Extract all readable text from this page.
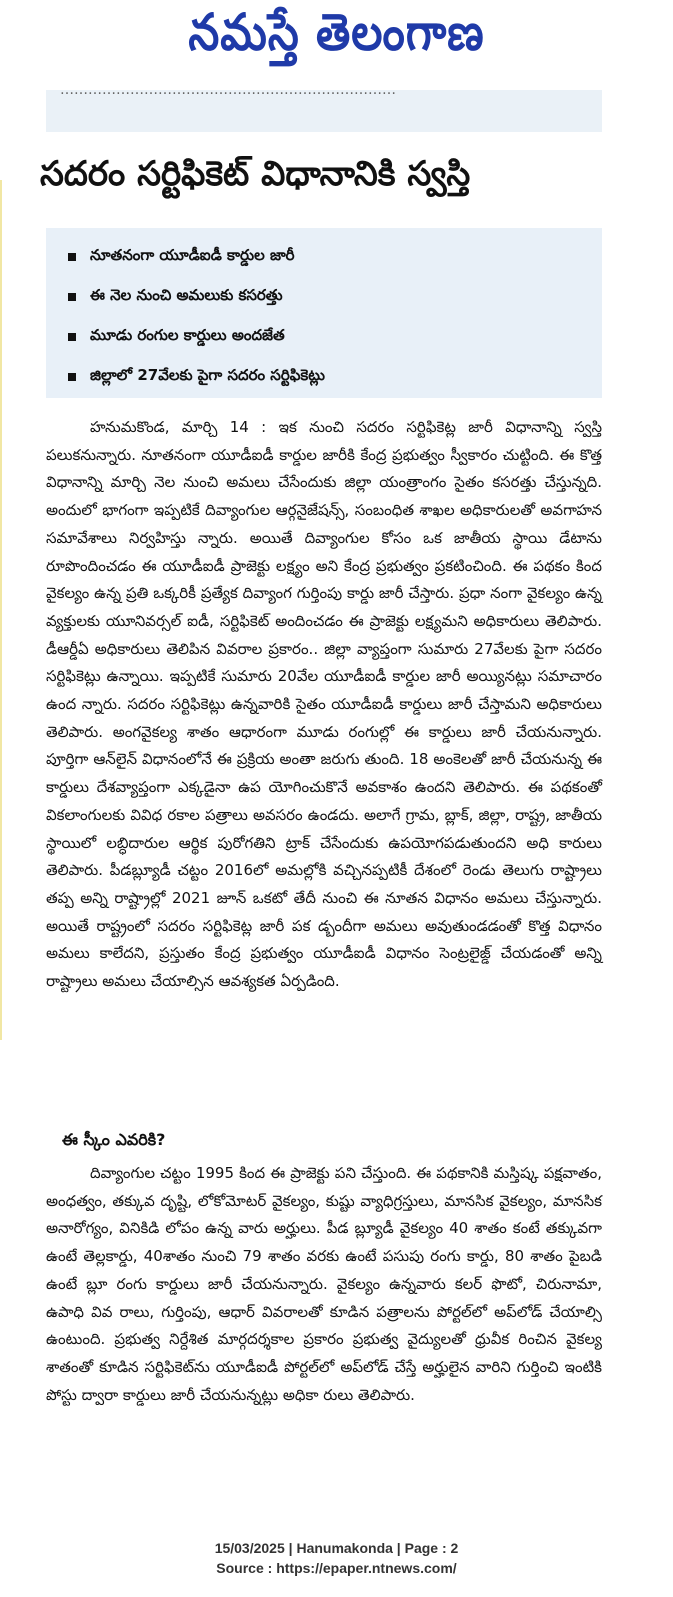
నమస్తే తెలంగాణ
………………………………………………………………
సదరం సర్టిఫికెట్ విధానానికి స్వస్తి
నూతనంగా యూడీఐడీ కార్డుల జారీ
ఈ నెల నుంచి అమలుకు కసరత్తు
మూడు రంగుల కార్డులు అందజేత
జిల్లాలో 27వేలకు పైగా సదరం సర్టిఫికెట్లు

హనుమకొండ, మార్చి 14 : ఇక నుంచి సదరం సర్టిఫికెట్ల జారీ విధానాన్ని స్వస్తి పలుకనున్నారు. నూతనంగా యూడీఐడీ కార్డుల జారీకి కేంద్ర ప్రభుత్వం స్వీకారం చుట్టింది. ఈ కొత్త విధానాన్ని మార్చి నెల నుంచి అమలు చేసేందుకు జిల్లా యంత్రాంగం సైతం కసరత్తు చేస్తున్నది. అందులో భాగంగా ఇప్పటికే దివ్యాంగుల ఆర్గనైజేషన్స్, సంబంధిత శాఖల అధికారులతో అవగాహన సమావేశాలు నిర్వహిస్తు న్నారు. అయితే దివ్యాంగుల కోసం ఒక జాతీయ స్థాయి డేటాను రూపొందించడం ఈ యూడీఐడీ ప్రాజెక్టు లక్ష్యం అని కేంద్ర ప్రభుత్వం ప్రకటించింది. ఈ పథకం కింద వైకల్యం ఉన్న ప్రతి ఒక్కరికీ ప్రత్యేక దివ్యాంగ గుర్తింపు కార్డు జారీ చేస్తారు. ప్రధా నంగా వైకల్యం ఉన్న వ్యక్తులకు యూనివర్సల్ ఐడీ, సర్టిఫికెట్ అందించడం ఈ ప్రాజెక్టు లక్ష్యమని అధికారులు తెలిపారు. డీఆర్డీఏ అధికారులు తెలిపిన వివరాల ప్రకారం.. జిల్లా వ్యాప్తంగా సుమారు 27వేలకు పైగా సదరం సర్టిఫికెట్లు ఉన్నాయి. ఇప్పటికే సుమారు 20వేల యూడీఐడీ కార్డుల జారీ అయ్యినట్లు సమాచారం ఉంద న్నారు. సదరం సర్టిఫికెట్లు ఉన్నవారికి సైతం యూడీఐడీ కార్డులు జారీ చేస్తామని అధికారులు తెలిపారు. అంగవైకల్య శాతం ఆధారంగా మూడు రంగుల్లో ఈ కార్డులు జారీ చేయనున్నారు. పూర్తిగా ఆన్‌లైన్ విధానంలోనే ఈ ప్రక్రియ అంతా జరుగు తుంది. 18 అంకెలతో జారీ చేయనున్న ఈ కార్డులు దేశవ్యాప్తంగా ఎక్కడైనా ఉప యోగించుకొనే అవకాశం ఉందని తెలిపారు. ఈ పథకంతో వికలాంగులకు వివిధ రకాల పత్రాలు అవసరం ఉండదు. అలాగే గ్రామ, బ్లాక్, జిల్లా, రాష్ట్ర, జాతీయ స్థాయిలో లబ్ధిదారుల ఆర్థిక పురోగతిని ట్రాక్ చేసేందుకు ఉపయోగపడుతుందని అధి కారులు తెలిపారు. పీడబ్ల్యూడీ చట్టం 2016లో అమల్లోకి వచ్చినప్పటికీ దేశంలో రెండు తెలుగు రాష్ట్రాలు తప్ప అన్ని రాష్ట్రాల్లో 2021 జూన్ ఒకటో తేదీ నుంచి ఈ నూతన విధానం అమలు చేస్తున్నారు. అయితే రాష్ట్రంలో సదరం సర్టిఫికెట్ల జారీ పక డ్బందీగా అమలు అవుతుండడంతో కొత్త విధానం అమలు కాలేదని, ప్రస్తుతం కేంద్ర ప్రభుత్వం యూడీఐడీ విధానం సెంట్రలైజ్డ్ చేయడంతో అన్ని రాష్ట్రాలు అమలు చేయాల్సిన ఆవశ్యకత ఏర్పడింది.

ఈ స్కీం ఎవరికి?

దివ్యాంగుల చట్టం 1995 కింద ఈ ప్రాజెక్టు పని చేస్తుంది. ఈ పథకానికి మస్తిష్క పక్షవాతం, అంధత్వం, తక్కువ దృష్టి, లోకోమోటర్ వైకల్యం, కుష్టు వ్యాధిగ్రస్తులు, మానసిక వైకల్యం, మానసిక అనారోగ్యం, వినికిడి లోపం ఉన్న వారు అర్హులు. పీడ బ్ల్యూడీ వైకల్యం 40 శాతం కంటే తక్కువగా ఉంటే తెల్లకార్డు, 40శాతం నుంచి 79 శాతం వరకు ఉంటే పసుపు రంగు కార్డు, 80 శాతం పైబడి ఉంటే బ్లూ రంగు కార్డులు జారీ చేయనున్నారు. వైకల్యం ఉన్నవారు కలర్ ఫొటో, చిరునామా, ఉపాధి వివ రాలు, గుర్తింపు, ఆధార్ వివరాలతో కూడిన పత్రాలను పోర్టల్‌లో అప్‌లోడ్ చేయాల్సి ఉంటుంది. ప్రభుత్వ నిర్దేశిత మార్గదర్శకాల ప్రకారం ప్రభుత్వ వైద్యులతో ధ్రువీక రించిన వైకల్య శాతంతో కూడిన సర్టిఫికెట్‌ను యూడీఐడీ పోర్టల్‌లో అప్‌లోడ్ చేస్తే అర్హులైన వారిని గుర్తించి ఇంటికి పోస్టు ద్వారా కార్డులు జారీ చేయనున్నట్లు అధికా రులు తెలిపారు.

15/03/2025 | Hanumakonda | Page : 2
Source : https://epaper.ntnews.com/
